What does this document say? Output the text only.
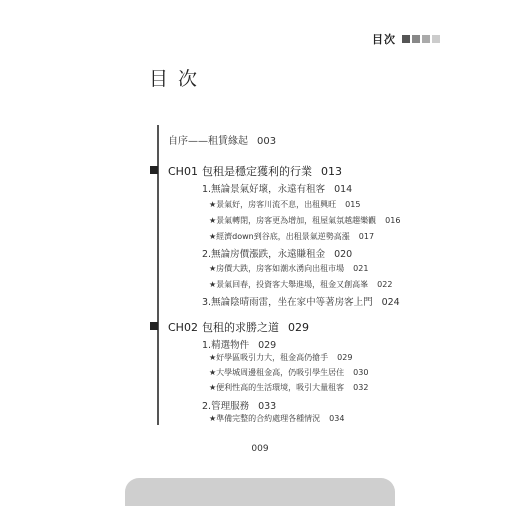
目次
目次
自序——租賃緣起 003
CH01 包租是穩定獲利的行業 013
1.無論景氣好壞，永遠有租客 014
★景氣好，房客川流不息，出租興旺 015
★景氣轉閉，房客更為增加，租屋氣氛越趨樂觀 016
★經濟down到谷底，出租景氣逆勢高漲 017
2.無論房價漲跌，永遠賺租金 020
★房價大跌，房客如潮水湧向出租市場 021
★景氣回春，投資客大舉進場，租金又創高峯 022
3.無論陰晴雨雷，坐在家中等著房客上門 024
CH02 包租的求勝之道 029
1.精選物件 029
★好學區吸引力大，租金高仍搶手 029
★大學城周邊租金高，仍吸引學生居住 030
★便利性高的生活環境，吸引大量租客 032
2.管理服務 033
★準備完整的合約處理各種情況 034
009
